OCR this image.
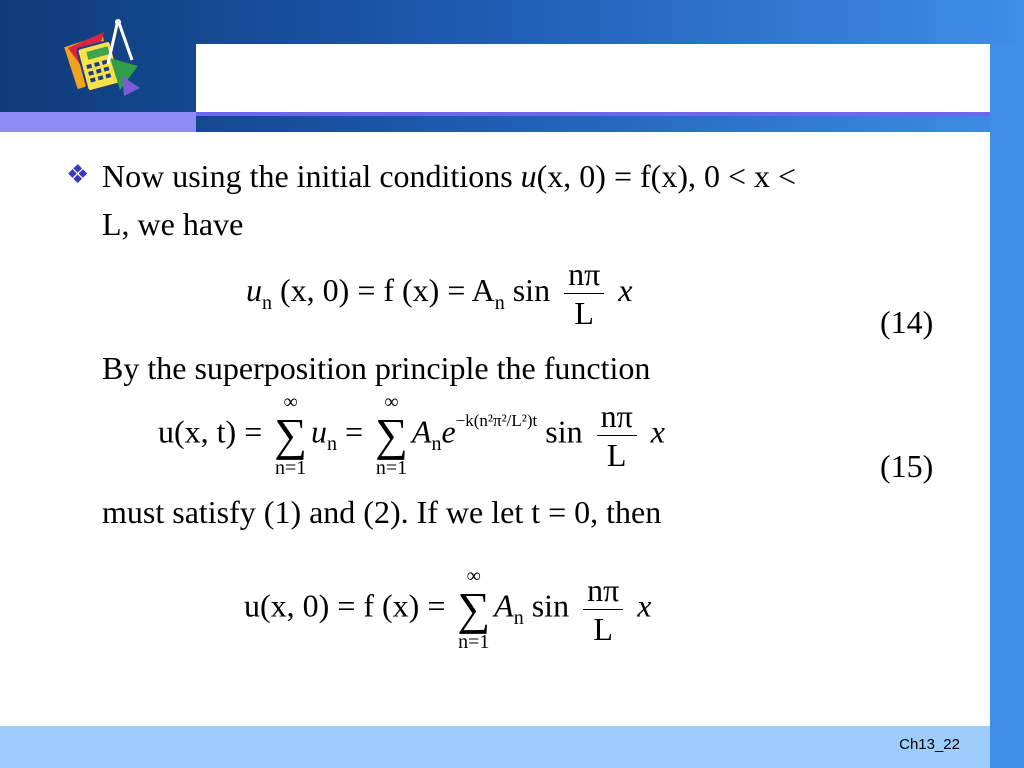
❖ Now using the initial conditions u(x, 0) = f(x), 0 < x <
L, we have
$u_n$ (x, 0) = f $(x) = A_n$ $\sin \frac{n\pi}{L}$ x
(14)
By the superposition principle the function
u(x, t) =
∞
∑
n=1
$u_n$ =
∞
∑
n=1
$A_ne^{-k(n^2\pi^2/L^2)t}$ $\sin \frac{n\pi}{L}$ x
(15)
must satisfy (1) and (2). If we let t = 0, then
u(x, 0) = f (x) =
∞
∑
n=1
$A_n$ $\sin \frac{n\pi}{L}$ x
Ch13_22
